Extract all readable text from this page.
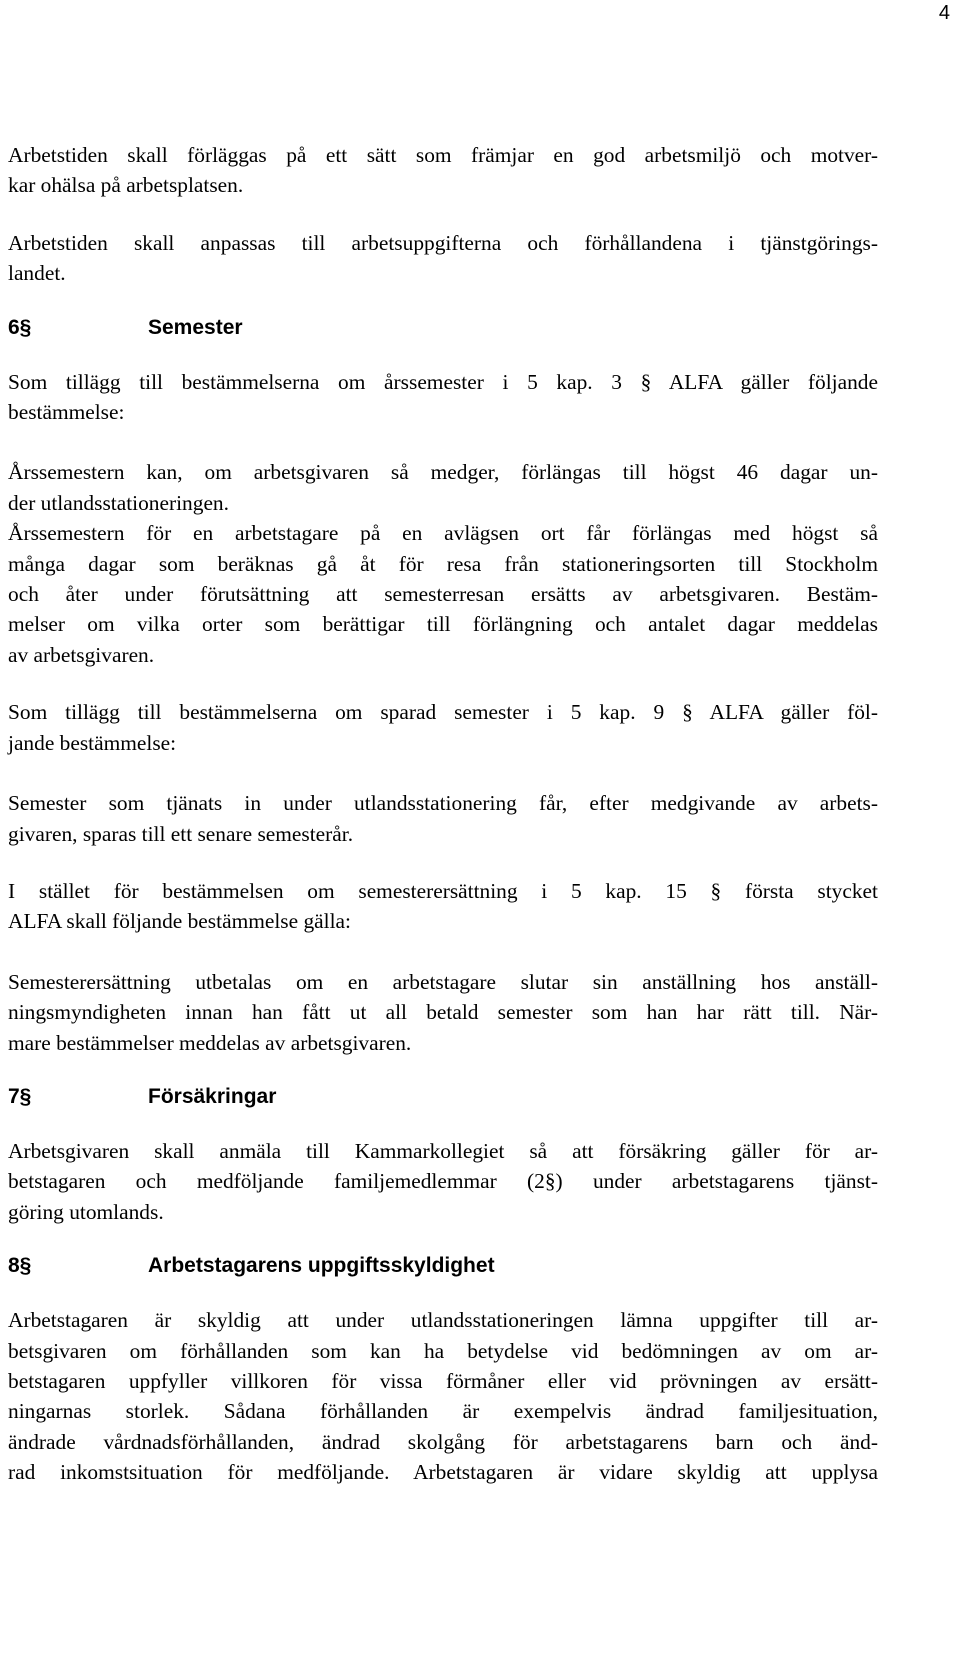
4

Arbetstiden skall förläggas på ett sätt som främjar en god arbetsmiljö och motver-
kar ohälsa på arbetsplatsen.

Arbetstiden skall anpassas till arbetsuppgifterna och förhållandena i tjänstgörings-
landet.

6§	Semester

Som tillägg till bestämmelserna om årssemester i 5 kap. 3 § ALFA gäller följande
bestämmelse:

Årssemestern kan, om arbetsgivaren så medger, förlängas till högst 46 dagar un-
der utlandsstationeringen.
Årssemestern för en arbetstagare på en avlägsen ort får förlängas med högst så
många dagar som beräknas gå åt för resa från stationeringsorten till Stockholm
och åter under förutsättning att semesterresan ersätts av arbetsgivaren. Bestäm-
melser om vilka orter som berättigar till förlängning och antalet dagar meddelas
av arbetsgivaren.

Som tillägg till bestämmelserna om sparad semester i 5 kap. 9 § ALFA gäller föl-
jande bestämmelse:

Semester som tjänats in under utlandsstationering får, efter medgivande av arbets-
givaren, sparas till ett senare semesterår.

I stället för bestämmelsen om semesterersättning i 5 kap. 15 § första stycket
ALFA skall följande bestämmelse gälla:

Semesterersättning utbetalas om en arbetstagare slutar sin anställning hos anställ-
ningsmyndigheten innan han fått ut all betald semester som han har rätt till. När-
mare bestämmelser meddelas av arbetsgivaren.

7§	Försäkringar

Arbetsgivaren skall anmäla till Kammarkollegiet så att försäkring gäller för ar-
betstagaren och medföljande familjemedlemmar (2§) under arbetstagarens tjänst-
göring utomlands.

8§	Arbetstagarens uppgiftsskyldighet

Arbetstagaren är skyldig att under utlandsstationeringen lämna uppgifter till ar-
betsgivaren om förhållanden som kan ha betydelse vid bedömningen av om ar-
betstagaren uppfyller villkoren för vissa förmåner eller vid prövningen av ersätt-
ningarnas storlek. Sådana förhållanden är exempelvis ändrad familjesituation,
ändrade vårdnadsförhållanden, ändrad skolgång för arbetstagarens barn och änd-
rad inkomstsituation för medföljande. Arbetstagaren är vidare skyldig att upplysa
